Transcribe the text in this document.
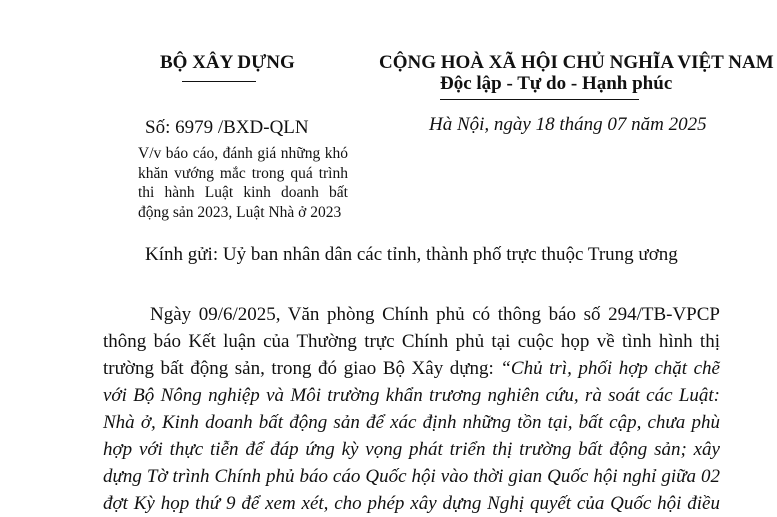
BỘ XÂY DỰNG	CỘNG HOÀ XÃ HỘI CHỦ NGHĨA VIỆT NAM
Độc lập - Tự do - Hạnh phúc
Số: 6979 /BXD-QLN	Hà Nội, ngày 18 tháng 07 năm 2025
V/v báo cáo, đánh giá những khó
khăn vướng mắc trong quá trình
thi hành Luật kinh doanh bất
động sản 2023, Luật Nhà ở 2023
Kính gửi: Uỷ ban nhân dân các tỉnh, thành phố trực thuộc Trung ương
Ngày 09/6/2025, Văn phòng Chính phủ có thông báo số 294/TB-VPCP
thông báo Kết luận của Thường trực Chính phủ tại cuộc họp về tình hình thị
trường bất động sản, trong đó giao Bộ Xây dựng: “Chủ trì, phối hợp chặt chẽ
với Bộ Nông nghiệp và Môi trường khẩn trương nghiên cứu, rà soát các Luật:
Nhà ở, Kinh doanh bất động sản để xác định những tồn tại, bất cập, chưa phù
hợp với thực tiễn để đáp ứng kỳ vọng phát triển thị trường bất động sản; xây
dựng Tờ trình Chính phủ báo cáo Quốc hội vào thời gian Quốc hội nghỉ giữa 02
đợt Kỳ họp thứ 9 để xem xét, cho phép xây dựng Nghị quyết của Quốc hội điều
